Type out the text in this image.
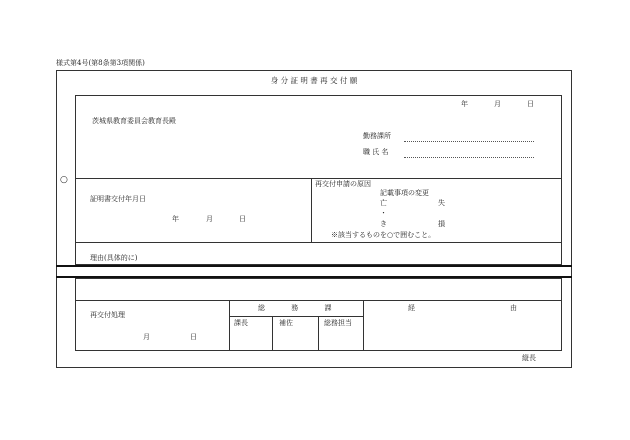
様式第4号(第8条第3項関係)
身 分 証 明 書 再 交 付 願
○
年	月	日
茨城県教育委員会教育長殿
勤務課所
職 氏 名
証明書交付年月日
年	月	日
再交付申請の原因
記載事項の変更
亡	失
・
き	損
※該当するものを○で囲むこと。
理由(具体的に)
再交付処理
月	日
総 務 課	経	由
課長	補佐	総務担当
縦長
